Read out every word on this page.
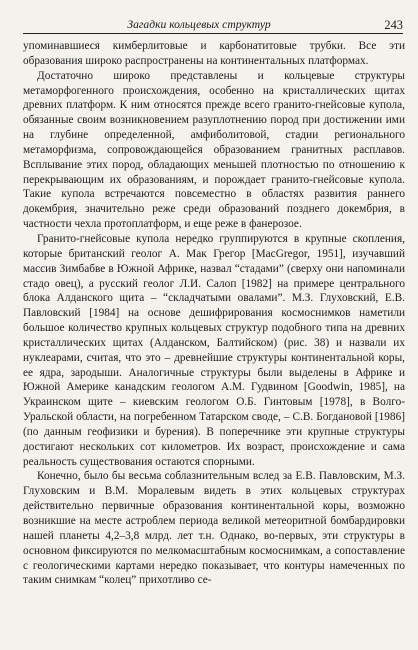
Загадки кольцевых структур	243

упоминавшиеся кимберлитовые и карбонатитовые трубки. Все эти образования широко распространены на континентальных платформах.

Достаточно широко представлены и кольцевые структуры метаморфогенного происхождения, особенно на кристаллических щитах древних платформ. К ним относятся прежде всего гранито-гнейсовые купола, обязанные своим возникновением разуплотнению пород при достижении ими на глубине определенной, амфиболитовой, стадии регионального метаморфизма, сопровождающейся образованием гранитных расплавов. Всплывание этих пород, обладающих меньшей плотностью по отношению к перекрывающим их образованиям, и порождает гранито-гнейсовые купола. Такие купола встречаются повсеместно в областях развития раннего докембрия, значительно реже среди образований позднего докембрия, в частности чехла протоплатформ, и еще реже в фанерозое.

Гранито-гнейсовые купола нередко группируются в крупные скопления, которые британский геолог А. Мак Грегор [MacGregor, 1951], изучавший массив Зимбабве в Южной Африке, назвал “стадами” (сверху они напоминали стадо овец), а русский геолог Л.И. Салоп [1982] на примере центрального блока Алданского щита – “складчатыми овалами”. М.З. Глуховский, Е.В. Павловский [1984] на основе дешифрирования космоснимков наметили большое количество крупных кольцевых структур подобного типа на древних кристаллических щитах (Алданском, Балтийском) (рис. 38) и назвали их нуклеарами, считая, что это – древнейшие структуры континентальной коры, ее ядра, зародыши. Аналогичные структуры были выделены в Африке и Южной Америке канадским геологом А.М. Гудвином [Goodwin, 1985], на Украинском щите – киевским геологом О.Б. Гинтовым [1978], в Волго-Уральской области, на погребенном Татарском своде, – С.В. Богдановой [1986] (по данным геофизики и бурения). В поперечнике эти крупные структуры достигают нескольких сот километров. Их возраст, происхождение и сама реальность существования остаются спорными.

Конечно, было бы весьма соблазнительным вслед за Е.В. Павловским, М.З. Глуховским и В.М. Моралевым видеть в этих кольцевых структурах действительно первичные образования континентальной коры, возможно возникшие на месте астроблем периода великой метеоритной бомбардировки нашей планеты 4,2–3,8 млрд. лет т.н. Однако, во-первых, эти структуры в основном фиксируются по мелкомасштабным космоснимкам, а сопоставление с геологическими картами нередко показывает, что контуры намеченных по таким снимкам “колец” прихотливо се-
